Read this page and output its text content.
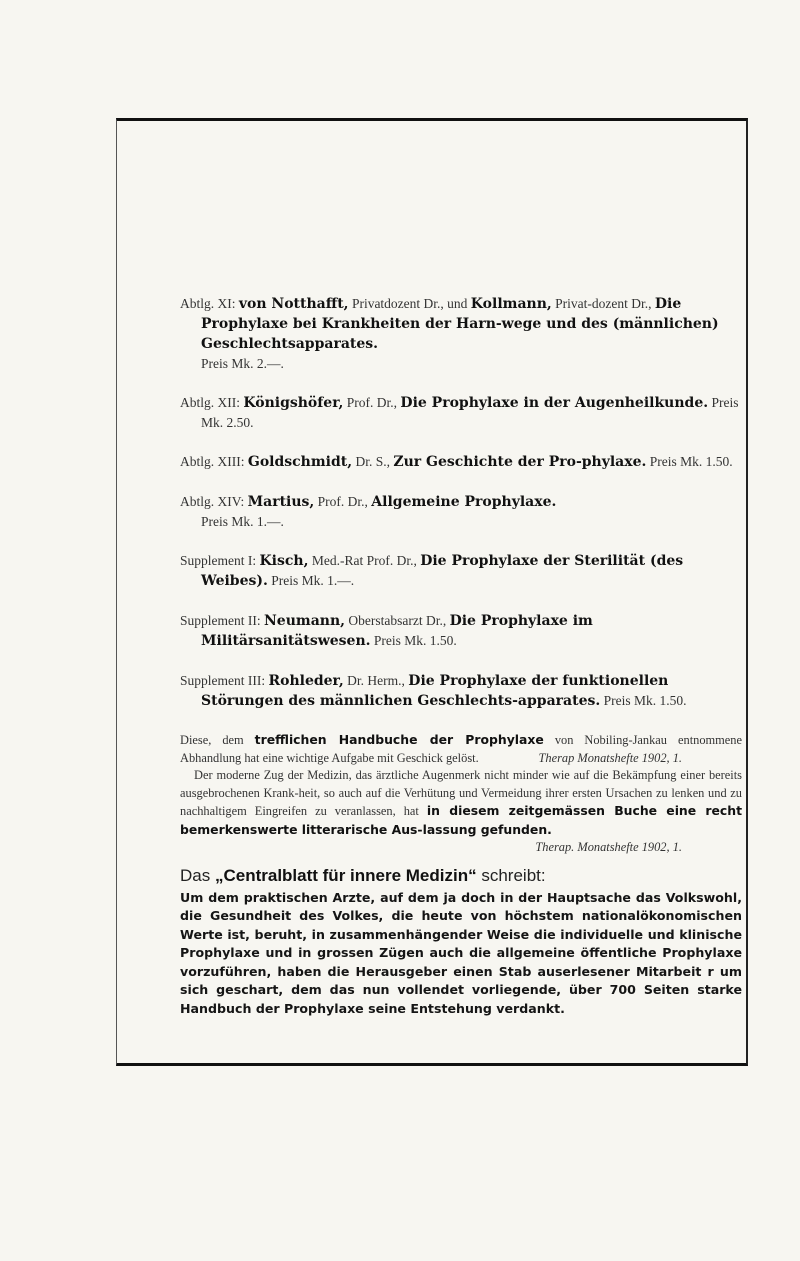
Abtlg. XI: von Notthafft, Privatdozent Dr., und Kollmann, Privat-dozent Dr., Die Prophylaxe bei Krankheiten der Harn-wege und des (männlichen) Geschlechtsapparates.
Preis Mk. 2.—.
Abtlg. XII: Königshöfer, Prof. Dr., Die Prophylaxe in der Augenheilkunde. Preis Mk. 2.50.
Abtlg. XIII: Goldschmidt, Dr. S., Zur Geschichte der Pro-phylaxe. Preis Mk. 1.50.
Abtlg. XIV: Martius, Prof. Dr., Allgemeine Prophylaxe.
Preis Mk. 1.—.
Supplement I: Kisch, Med.-Rat Prof. Dr., Die Prophylaxe der Sterilität (des Weibes). Preis Mk. 1.—.
Supplement II: Neumann, Oberstabsarzt Dr., Die Prophylaxe im Militärsanitätswesen. Preis Mk. 1.50.
Supplement III: Rohleder, Dr. Herm., Die Prophylaxe der funktionellen Störungen des männlichen Geschlechts-apparates. Preis Mk. 1.50.

Diese, dem trefflichen Handbuche der Prophylaxe von Nobiling-Jankau entnommene Abhandlung hat eine wichtige Aufgabe mit Geschick gelöst.	Therap Monatshefte 1902, 1.

Der moderne Zug der Medizin, das ärztliche Augenmerk nicht minder wie auf die Bekämpfung einer bereits ausgebrochenen Krank-heit, so auch auf die Verhütung und Vermeidung ihrer ersten Ursachen zu lenken und zu nachhaltigem Eingreifen zu veranlassen, hat in diesem zeitgemässen Buche eine recht bemerkenswerte litterarische Aus-lassung gefunden.
Therap. Monatshefte 1902, 1.

Das „Centralblatt für innere Medizin“ schreibt:
Um dem praktischen Arzte, auf dem ja doch in der Hauptsache das Volkswohl, die Gesundheit des Volkes, die heute von höchstem nationalökonomischen Werte ist, beruht, in zusammenhängender Weise die individuelle und klinische Prophylaxe und in grossen Zügen auch die allgemeine öffentliche Prophylaxe vorzuführen, haben die Herausgeber einen Stab auserlesener Mitarbeit r um sich geschart, dem das nun vollendet vorliegende, über 700 Seiten starke Handbuch der Prophylaxe seine Entstehung verdankt.
